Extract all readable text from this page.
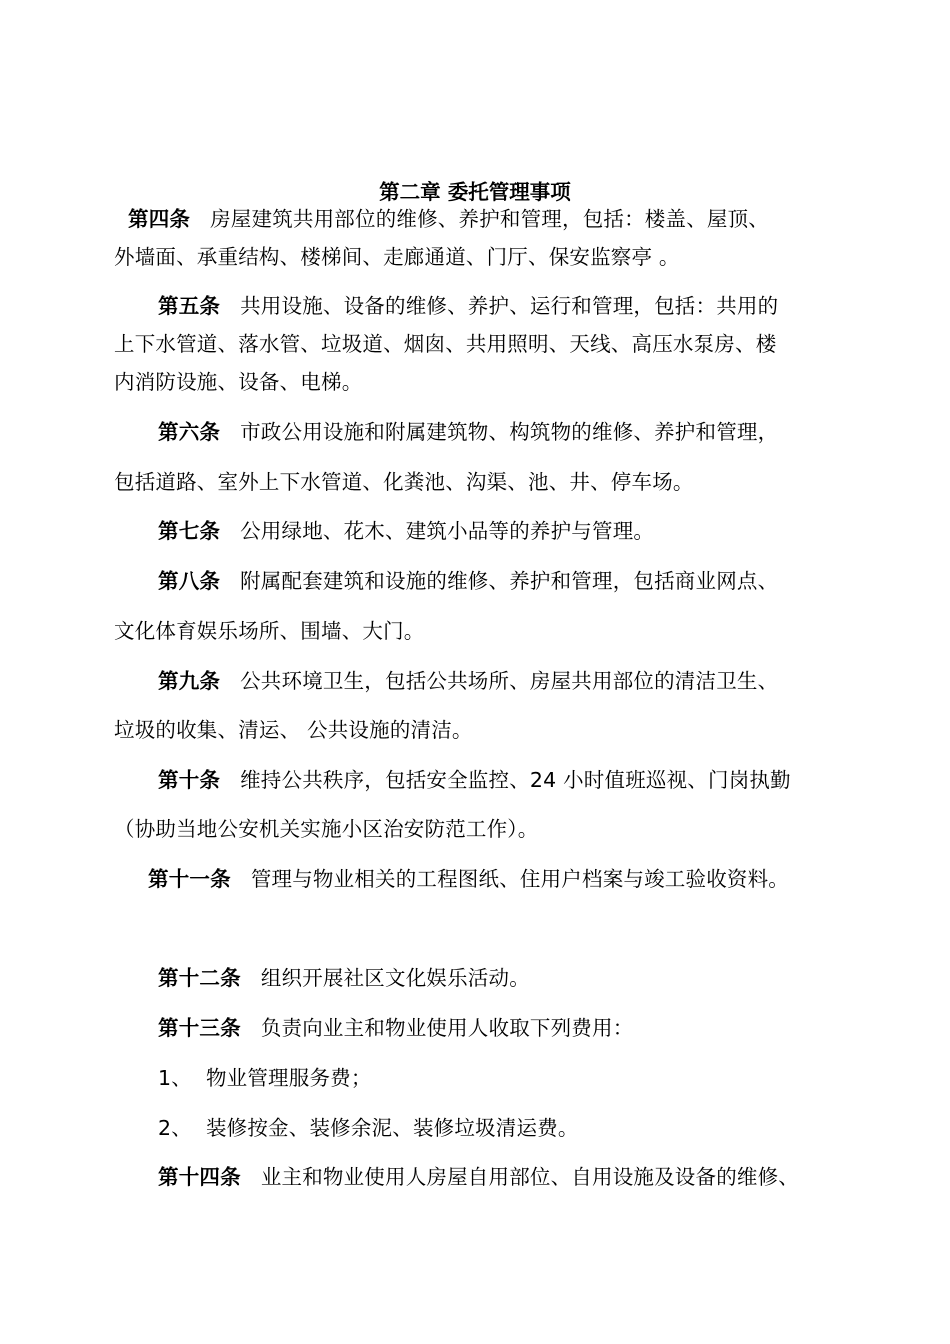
第二章 委托管理事项
第四条 房屋建筑共用部位的维修、养护和管理，包括：楼盖、屋顶、
外墙面、承重结构、楼梯间、走廊通道、门厅、保安监察亭 。
第五条 共用设施、设备的维修、养护、运行和管理，包括：共用的
上下水管道、落水管、垃圾道、烟囱、共用照明、天线、高压水泵房、楼
内消防设施、设备、电梯。
第六条 市政公用设施和附属建筑物、构筑物的维修、养护和管理，
包括道路、室外上下水管道、化粪池、沟渠、池、井、停车场。
第七条 公用绿地、花木、建筑小品等的养护与管理。
第八条 附属配套建筑和设施的维修、养护和管理，包括商业网点、
文化体育娱乐场所、围墙、大门。
第九条 公共环境卫生，包括公共场所、房屋共用部位的清洁卫生、
垃圾的收集、清运、 公共设施的清洁。
第十条 维持公共秩序，包括安全监控、24 小时值班巡视、门岗执勤
（协助当地公安机关实施小区治安防范工作）。
第十一条 管理与物业相关的工程图纸、住用户档案与竣工验收资料。
第十二条 组织开展社区文化娱乐活动。
第十三条 负责向业主和物业使用人收取下列费用：
1、 物业管理服务费；
2、 装修按金、装修余泥、装修垃圾清运费。
第十四条 业主和物业使用人房屋自用部位、自用设施及设备的维修、
